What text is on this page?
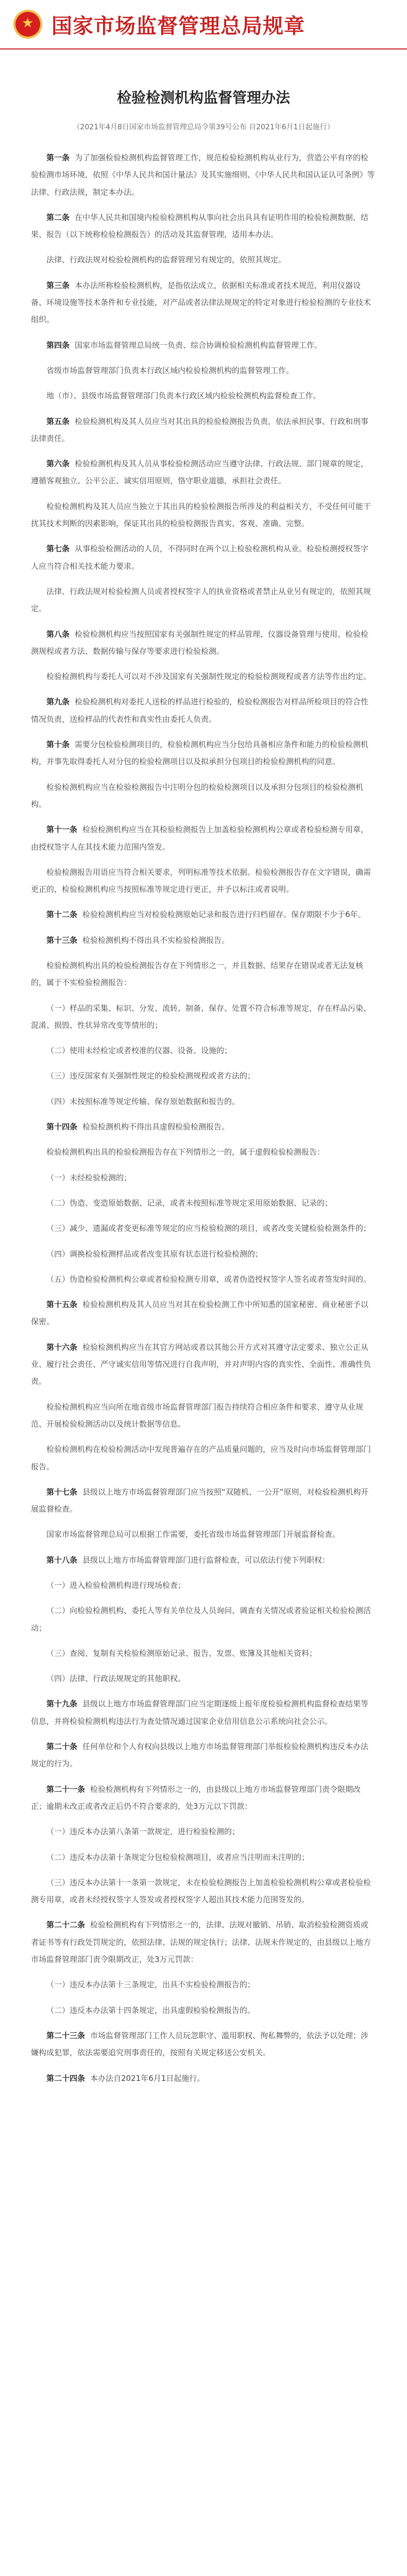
★
国家市场监督管理总局规章
检验检测机构监督管理办法
（2021年4月8日国家市场监督管理总局令第39号公布 自2021年6月1日起施行）

第一条 为了加强检验检测机构监督管理工作，规范检验检测机构从业行为，营造公平有序的检验检测市场环境，依照《中华人民共和国计量法》及其实施细则、《中华人民共和国认证认可条例》等法律、行政法规，制定本办法。

第二条 在中华人民共和国境内检验检测机构从事向社会出具具有证明作用的检验检测数据、结果、报告（以下统称检验检测报告）的活动及其监督管理，适用本办法。

法律、行政法规对检验检测机构的监督管理另有规定的，依照其规定。

第三条 本办法所称检验检测机构，是指依法成立，依据相关标准或者技术规范，利用仪器设备、环境设施等技术条件和专业技能，对产品或者法律法规规定的特定对象进行检验检测的专业技术组织。

第四条 国家市场监督管理总局统一负责、综合协调检验检测机构监督管理工作。

省级市场监督管理部门负责本行政区域内检验检测机构的监督管理工作。

地（市）、县级市场监督管理部门负责本行政区域内检验检测机构监督检查工作。

第五条 检验检测机构及其人员应当对其出具的检验检测报告负责，依法承担民事、行政和刑事法律责任。

第六条 检验检测机构及其人员从事检验检测活动应当遵守法律、行政法规、部门规章的规定，遵循客观独立、公平公正、诚实信用原则，恪守职业道德，承担社会责任。

检验检测机构及其人员应当独立于其出具的检验检测报告所涉及的利益相关方，不受任何可能干扰其技术判断的因素影响，保证其出具的检验检测报告真实、客观、准确、完整。

第七条 从事检验检测活动的人员，不得同时在两个以上检验检测机构从业。检验检测授权签字人应当符合相关技术能力要求。

法律、行政法规对检验检测人员或者授权签字人的执业资格或者禁止从业另有规定的，依照其规定。

第八条 检验检测机构应当按照国家有关强制性规定的样品管理、仪器设备管理与使用、检验检测规程或者方法、数据传输与保存等要求进行检验检测。

检验检测机构与委托人可以对不涉及国家有关强制性规定的检验检测规程或者方法等作出约定。

第九条 检验检测机构对委托人送检的样品进行检验的，检验检测报告对样品所检项目的符合性情况负责，送检样品的代表性和真实性由委托人负责。

第十条 需要分包检验检测项目的，检验检测机构应当分包给具备相应条件和能力的检验检测机构，并事先取得委托人对分包的检验检测项目以及拟承担分包项目的检验检测机构的同意。

检验检测机构应当在检验检测报告中注明分包的检验检测项目以及承担分包项目的检验检测机构。

第十一条 检验检测机构应当在其检验检测报告上加盖检验检测机构公章或者检验检测专用章，由授权签字人在其技术能力范围内签发。

检验检测报告用语应当符合相关要求，列明标准等技术依据。检验检测报告存在文字错误，确需更正的，检验检测机构应当按照标准等规定进行更正，并予以标注或者说明。

第十二条 检验检测机构应当对检验检测原始记录和报告进行归档留存。保存期限不少于6年。

第十三条 检验检测机构不得出具不实检验检测报告。

检验检测机构出具的检验检测报告存在下列情形之一，并且数据、结果存在错误或者无法复核的，属于不实检验检测报告：

（一）样品的采集、标识、分发、流转、制备、保存、处置不符合标准等规定，存在样品污染、混淆、损毁、性状异常改变等情形的；

（二）使用未经检定或者校准的仪器、设备、设施的；

（三）违反国家有关强制性规定的检验检测规程或者方法的；

（四）未按照标准等规定传输、保存原始数据和报告的。

第十四条 检验检测机构不得出具虚假检验检测报告。

检验检测机构出具的检验检测报告存在下列情形之一的，属于虚假检验检测报告：

（一）未经检验检测的；

（二）伪造、变造原始数据、记录，或者未按照标准等规定采用原始数据、记录的；

（三）减少、遗漏或者变更标准等规定的应当检验检测的项目，或者改变关键检验检测条件的；

（四）调换检验检测样品或者改变其原有状态进行检验检测的；

（五）伪造检验检测机构公章或者检验检测专用章，或者伪造授权签字人签名或者签发时间的。

第十五条 检验检测机构及其人员应当对其在检验检测工作中所知悉的国家秘密、商业秘密予以保密。

第十六条 检验检测机构应当在其官方网站或者以其他公开方式对其遵守法定要求、独立公正从业、履行社会责任、严守诚实信用等情况进行自我声明，并对声明内容的真实性、全面性、准确性负责。

检验检测机构应当向所在地省级市场监督管理部门报告持续符合相应条件和要求、遵守从业规范、开展检验检测活动以及统计数据等信息。

检验检测机构在检验检测活动中发现普遍存在的产品质量问题的，应当及时向市场监督管理部门报告。

第十七条 县级以上地方市场监督管理部门应当按照“双随机、一公开”原则，对检验检测机构开展监督检查。

国家市场监督管理总局可以根据工作需要，委托省级市场监督管理部门开展监督检查。

第十八条 县级以上地方市场监督管理部门进行监督检查，可以依法行使下列职权：

（一）进入检验检测机构进行现场检查；

（二）向检验检测机构、委托人等有关单位及人员询问、调查有关情况或者验证相关检验检测活动；

（三）查阅、复制有关检验检测原始记录、报告、发票、账簿及其他相关资料；

（四）法律、行政法规规定的其他职权。

第十九条 县级以上地方市场监督管理部门应当定期逐级上报年度检验检测机构监督检查结果等信息，并将检验检测机构违法行为查处情况通过国家企业信用信息公示系统向社会公示。

第二十条 任何单位和个人有权向县级以上地方市场监督管理部门举报检验检测机构违反本办法规定的行为。

第二十一条 检验检测机构有下列情形之一的，由县级以上地方市场监督管理部门责令限期改正；逾期未改正或者改正后仍不符合要求的，处3万元以下罚款：

（一）违反本办法第八条第一款规定，进行检验检测的；

（二）违反本办法第十条规定分包检验检测项目，或者应当注明而未注明的；

（三）违反本办法第十一条第一款规定，未在检验检测报告上加盖检验检测机构公章或者检验检测专用章，或者未经授权签字人签发或者授权签字人超出其技术能力范围签发的。

第二十二条 检验检测机构有下列情形之一的，法律、法规对撤销、吊销、取消检验检测资质或者证书等有行政处罚规定的，依照法律、法规的规定执行；法律、法规未作规定的，由县级以上地方市场监督管理部门责令限期改正，处3万元罚款：

（一）违反本办法第十三条规定，出具不实检验检测报告的；

（二）违反本办法第十四条规定，出具虚假检验检测报告的。

第二十三条 市场监督管理部门工作人员玩忽职守、滥用职权、徇私舞弊的，依法予以处理；涉嫌构成犯罪，依法需要追究刑事责任的，按照有关规定移送公安机关。

第二十四条 本办法自2021年6月1日起施行。
